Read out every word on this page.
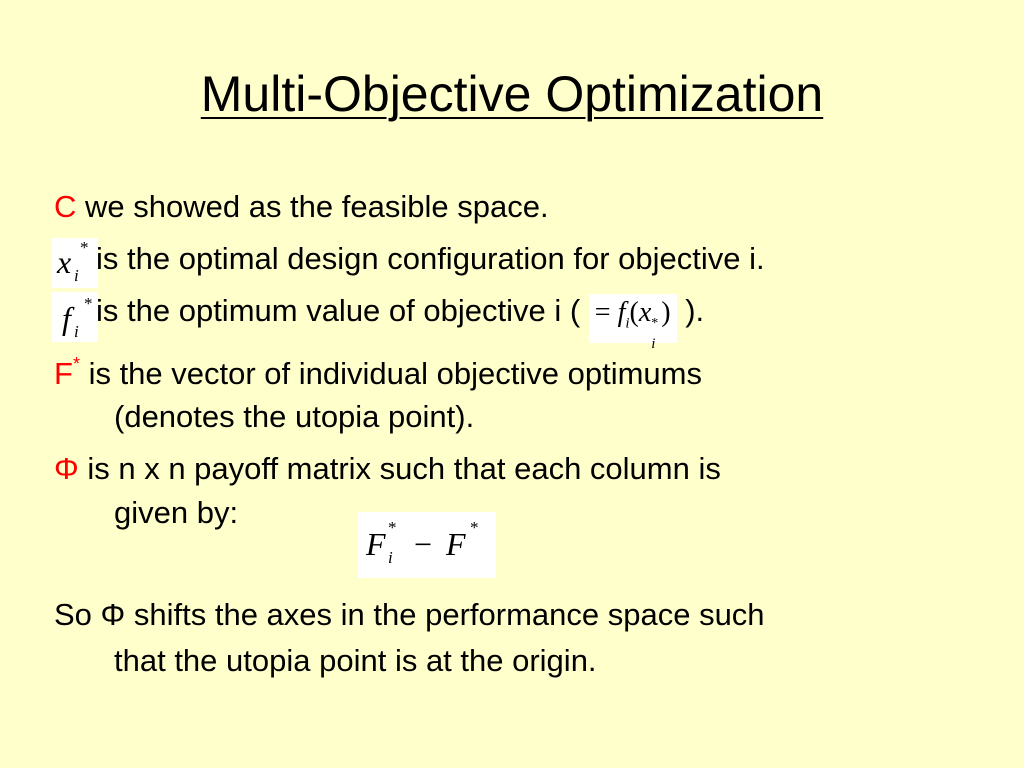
Multi-Objective Optimization
C we showed as the feasible space.
x i
* is the optimal design configuration for objective i.
f i
* is the optimum value of objective i ( = $f_i(x$ *
i
) ).
F* is the vector of individual objective optimums
(denotes the utopia point).
Φ is n x n payoff matrix such that each column is
given by:
F *
i − F *
So Φ shifts the axes in the performance space such
that the utopia point is at the origin.
